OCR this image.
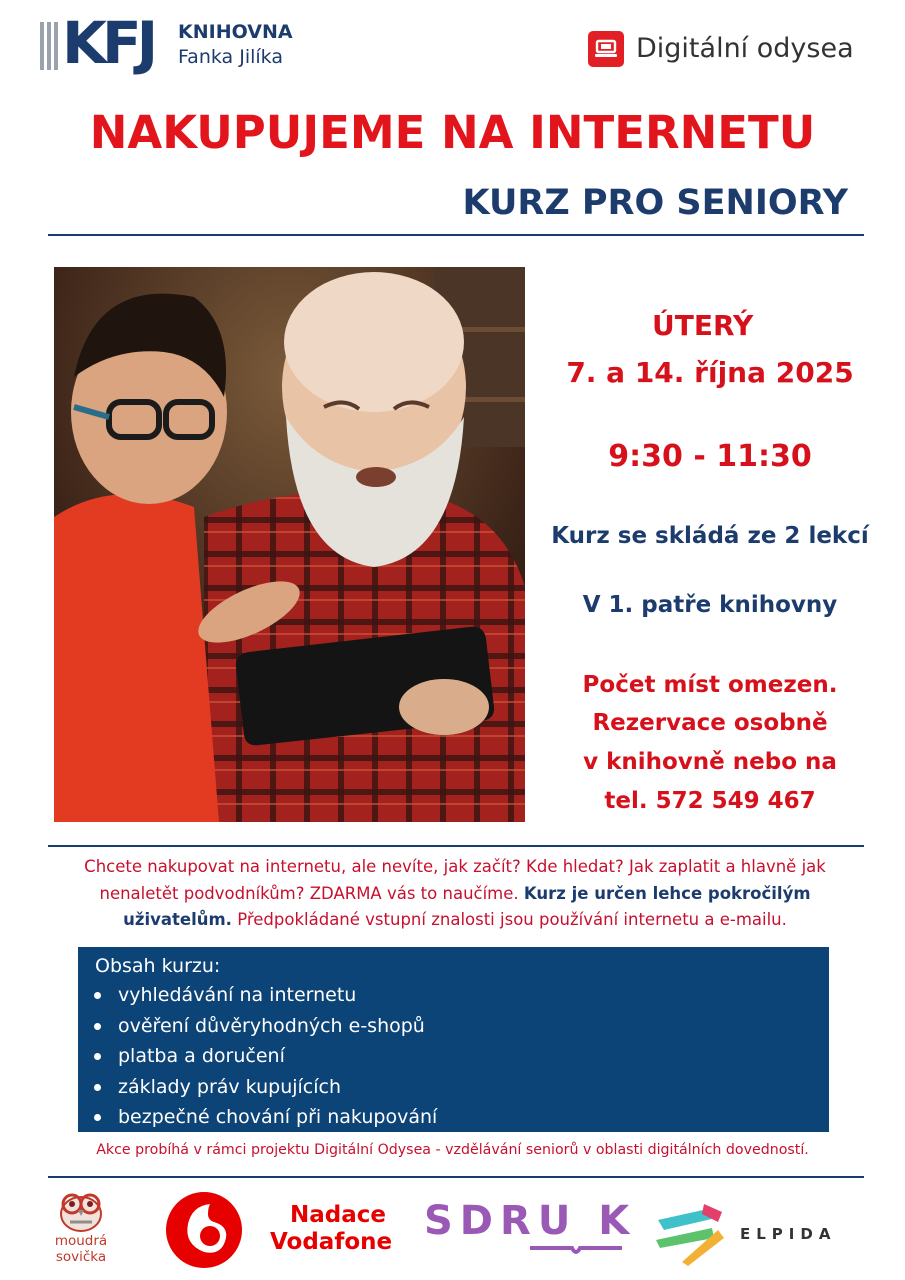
KFJ KNIHOVNA
Fanka Jilíka	Digitální odysea
NAKUPUJEME NA INTERNETU
KURZ PRO SENIORY
ÚTERÝ
7. a 14. října 2025
9:30 - 11:30
Kurz se skládá ze 2 lekcí
V 1. patře knihovny
Počet míst omezen.
Rezervace osobně
v knihovně nebo na
tel. 572 549 467
Chcete nakupovat na internetu, ale nevíte, jak začít? Kde hledat? Jak zaplatit a hlavně jak nenaletět podvodníkům? ZDARMA vás to naučíme. Kurz je určen lehce pokročilým uživatelům. Předpokládané vstupní znalosti jsou používání internetu a e-mailu.
Obsah kurzu:
vyhledávání na internetu
ověření důvěryhodných e-shopů
platba a doručení
základy práv kupujících
bezpečné chování při nakupování
Akce probíhá v rámci projektu Digitální Odysea - vzdělávání seniorů v oblasti digitálních dovedností.
moudrá
sovička
Nadace
Vodafone SDRU K	ELPIDA
